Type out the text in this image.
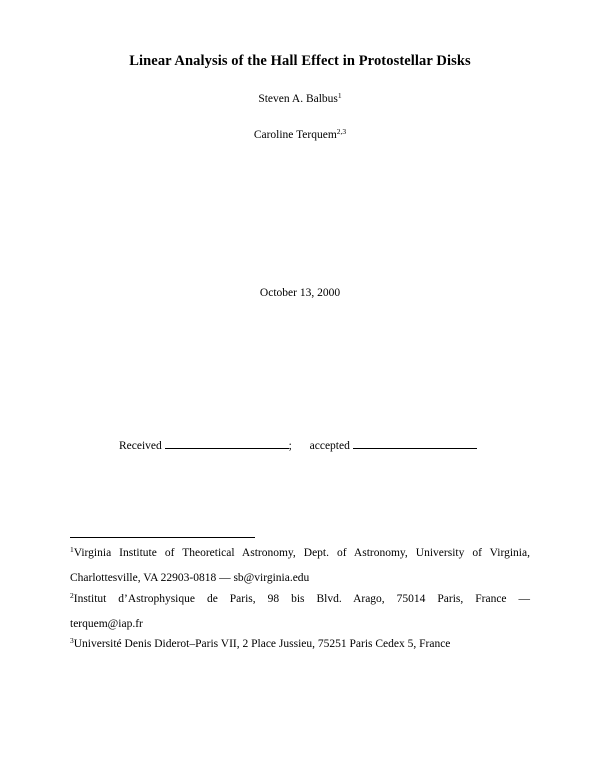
Linear Analysis of the Hall Effect in Protostellar Disks
Steven A. Balbus$^1$
Caroline Terquem$^{2,3}$
October 13, 2000
Received	; accepted
$^1$Virginia Institute of Theoretical Astronomy, Dept. of Astronomy, University of Virginia,
Charlottesville, VA 22903-0818 — sb@virginia.edu
$^2$Institut d’Astrophysique de Paris, 98 bis Blvd. Arago, 75014 Paris, France —
terquem@iap.fr
$^3$Université Denis Diderot–Paris VII, 2 Place Jussieu, 75251 Paris Cedex 5, France
